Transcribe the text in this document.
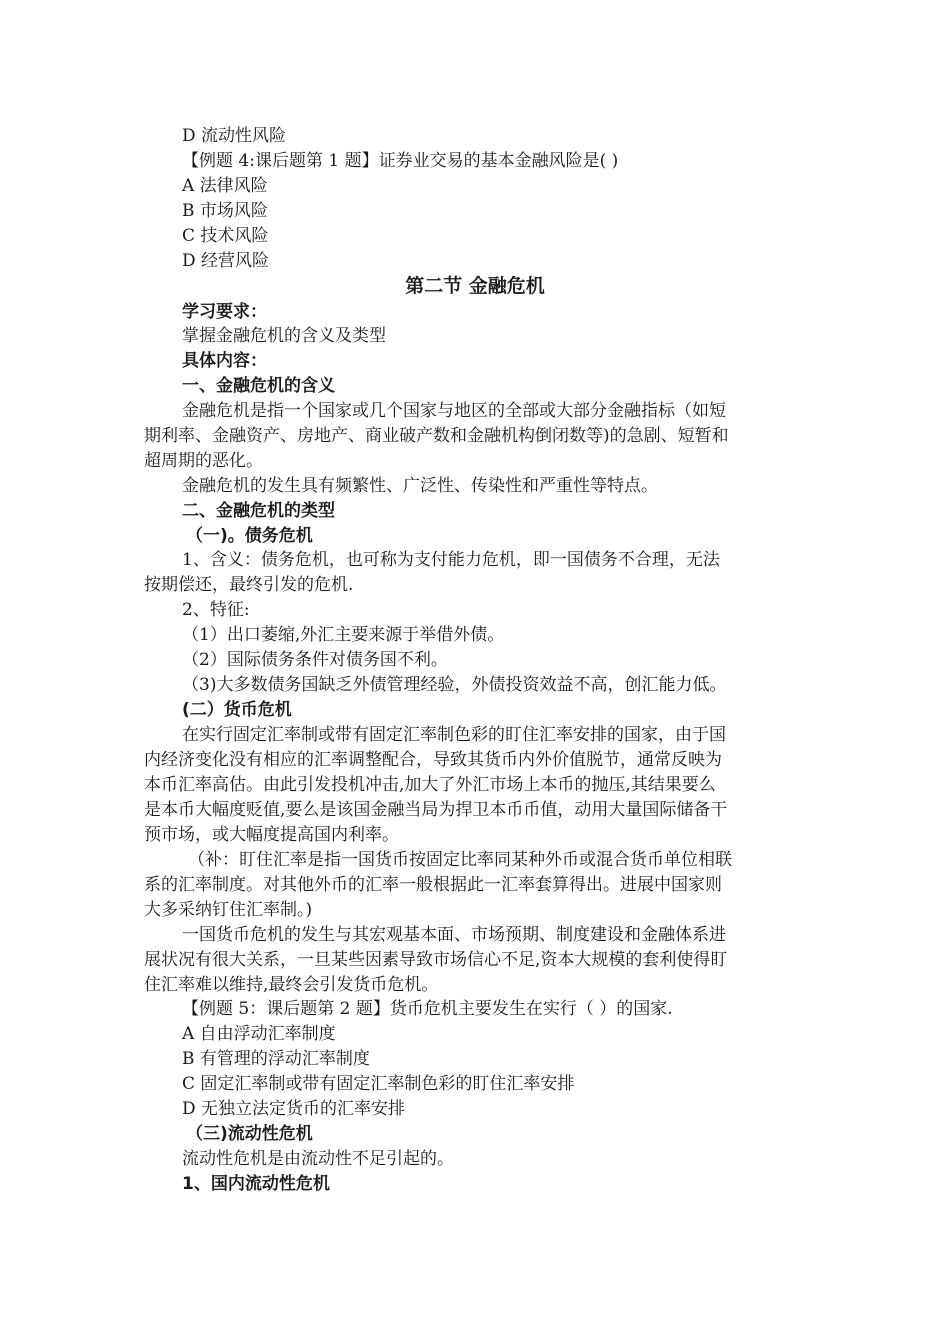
D 流动性风险
【例题 4:课后题第 1 题】证券业交易的基本金融风险是( )
A 法律风险
B 市场风险
C 技术风险
D 经营风险
第二节 金融危机
学习要求：
掌握金融危机的含义及类型
具体内容：
一、金融危机的含义
金融危机是指一个国家或几个国家与地区的全部或大部分金融指标（如短
期利率、金融资产、房地产、商业破产数和金融机构倒闭数等)的急剧、短暂和
超周期的恶化。
金融危机的发生具有频繁性、广泛性、传染性和严重性等特点。
二、金融危机的类型
（一)。债务危机
1、含义：债务危机，也可称为支付能力危机，即一国债务不合理，无法
按期偿还，最终引发的危机.
2、特征:
（1）出口萎缩,外汇主要来源于举借外债。
（2）国际债务条件对债务国不利。
（3)大多数债务国缺乏外债管理经验，外债投资效益不高，创汇能力低。
(二）货币危机
在实行固定汇率制或带有固定汇率制色彩的盯住汇率安排的国家，由于国
内经济变化没有相应的汇率调整配合，导致其货币内外价值脱节，通常反映为
本币汇率高估。由此引发投机冲击,加大了外汇市场上本币的抛压,其结果要么
是本币大幅度贬值,要么是该国金融当局为捍卫本币币值，动用大量国际储备干
预市场，或大幅度提高国内利率。
（补：盯住汇率是指一国货币按固定比率同某种外币或混合货币单位相联
系的汇率制度。对其他外币的汇率一般根据此一汇率套算得出。进展中国家则
大多采纳钉住汇率制。)
一国货币危机的发生与其宏观基本面、市场预期、制度建设和金融体系进
展状况有很大关系，一旦某些因素导致市场信心不足,资本大规模的套利使得盯
住汇率难以维持,最终会引发货币危机。
【例题 5：课后题第 2 题】货币危机主要发生在实行（ ）的国家.
A 自由浮动汇率制度
B 有管理的浮动汇率制度
C 固定汇率制或带有固定汇率制色彩的盯住汇率安排
D 无独立法定货币的汇率安排
（三)流动性危机
流动性危机是由流动性不足引起的。
1、国内流动性危机
